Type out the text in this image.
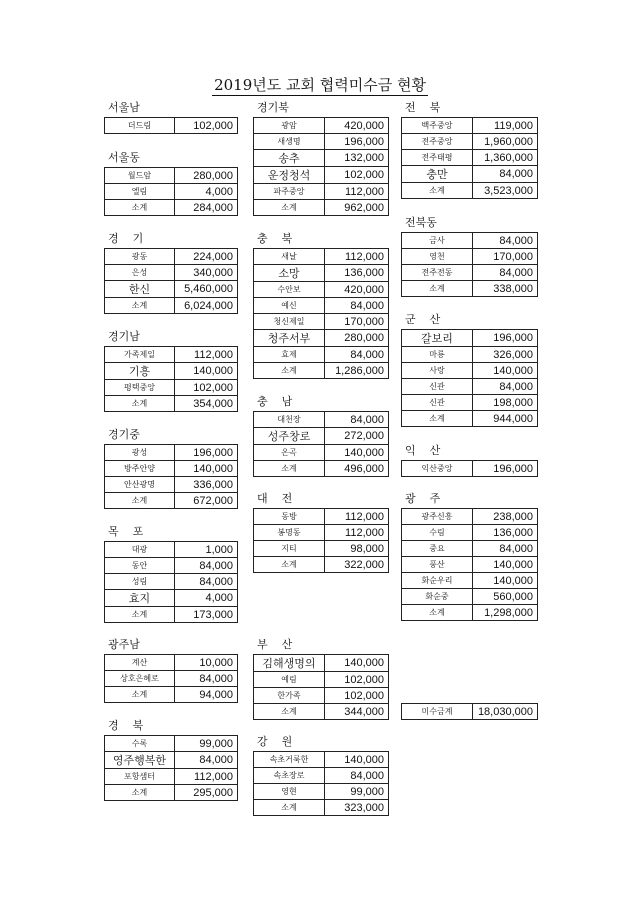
2019년도 교회 협력미수금 현황
서울남
더드림	102,000
서울동
월드암	280,000
엘림	4,000
소계	284,000
경    기
광동	224,000
은성	340,000
한신	5,460,000
소계	6,024,000
경기남
가족제일	112,000
기흥	140,000
평택중앙	102,000
소계	354,000
경기중
광성	196,000
방주안양	140,000
안산광명	336,000
소계	672,000
목    포
대광	1,000
동안	84,000
성림	84,000
효지	4,000
소계	173,000
광주남
계산	10,000
상호은혜로	84,000
소계	94,000
경    북
수록	99,000
영주행복한	84,000
포항샘터	112,000
소계	295,000
경기북
광암	420,000
새생명	196,000
송추	132,000
운정청석	102,000
파주중앙	112,000
소계	962,000
충    북
새날	112,000
소망	136,000
수안보	420,000
예신	84,000
청신제일	170,000
청주서부	280,000
효제	84,000
소계	1,286,000
충    남
대천장	84,000
성주창로	272,000
온곡	140,000
소계	496,000
대    전
동방	112,000
봉명동	112,000
지티	98,000
소계	322,000
부    산
김해생명의	140,000
예림	102,000
한가족	102,000
소계	344,000
강    원
속초거룩한	140,000
속초장로	84,000
영현	99,000
소계	323,000
전    북
백주중앙	119,000
전주중앙	1,960,000
전주태평	1,360,000
충만	84,000
소계	3,523,000
전북동
금사	84,000
영천	170,000
전주전동	84,000
소계	338,000
군    산
갈보리	196,000
마룡	326,000
사랑	140,000
신관	84,000
신관	198,000
소계	944,000
익    산
익산중앙	196,000
광    주
광주신흥	238,000
수림	136,000
중요	84,000
풍산	140,000
화순우리	140,000
화순중	560,000
소계	1,298,000
미수금계	18,030,000
